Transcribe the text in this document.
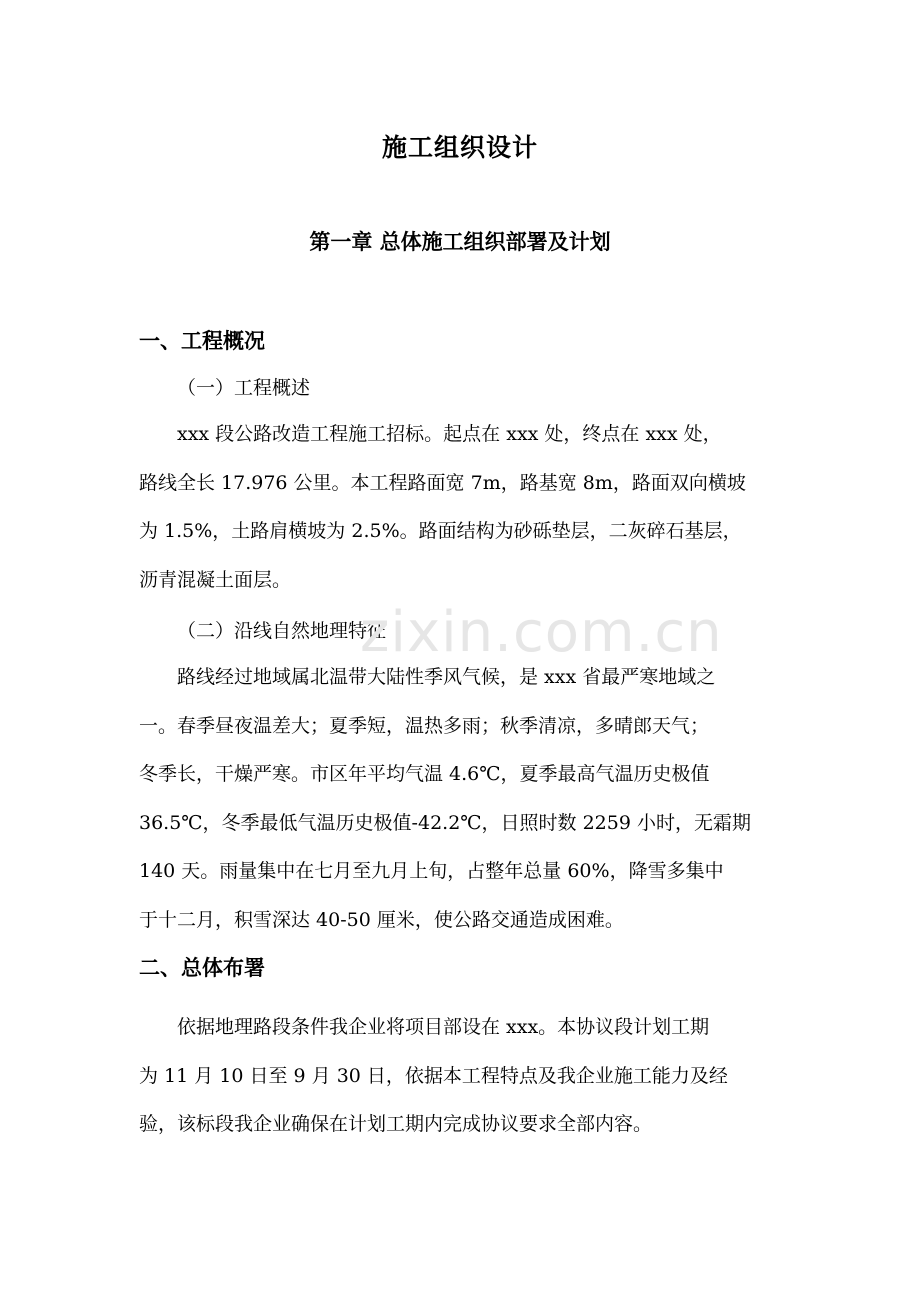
施工组织设计
第一章 总体施工组织部署及计划
一、工程概况
（一）工程概述
xxx 段公路改造工程施工招标。起点在 xxx 处，终点在 xxx 处，
路线全长 17.976 公里。本工程路面宽 7m，路基宽 8m，路面双向横坡
为 1.5%，土路肩横坡为 2.5%。路面结构为砂砾垫层，二灰碎石基层，
沥青混凝土面层。
（二）沿线自然地理特征
路线经过地域属北温带大陆性季风气候，是 xxx 省最严寒地域之
一。春季昼夜温差大；夏季短，温热多雨；秋季清凉，多晴郎天气；
冬季长，干燥严寒。市区年平均气温 4.6℃，夏季最高气温历史极值
36.5℃，冬季最低气温历史极值-42.2℃，日照时数 2259 小时，无霜期
140 天。雨量集中在七月至九月上旬，占整年总量 60%，降雪多集中
于十二月，积雪深达 40-50 厘米，使公路交通造成困难。
二、总体布署
依据地理路段条件我企业将项目部设在 xxx。本协议段计划工期
为 11 月 10 日至 9 月 30 日，依据本工程特点及我企业施工能力及经
验，该标段我企业确保在计划工期内完成协议要求全部内容。
zixin.com.cn
